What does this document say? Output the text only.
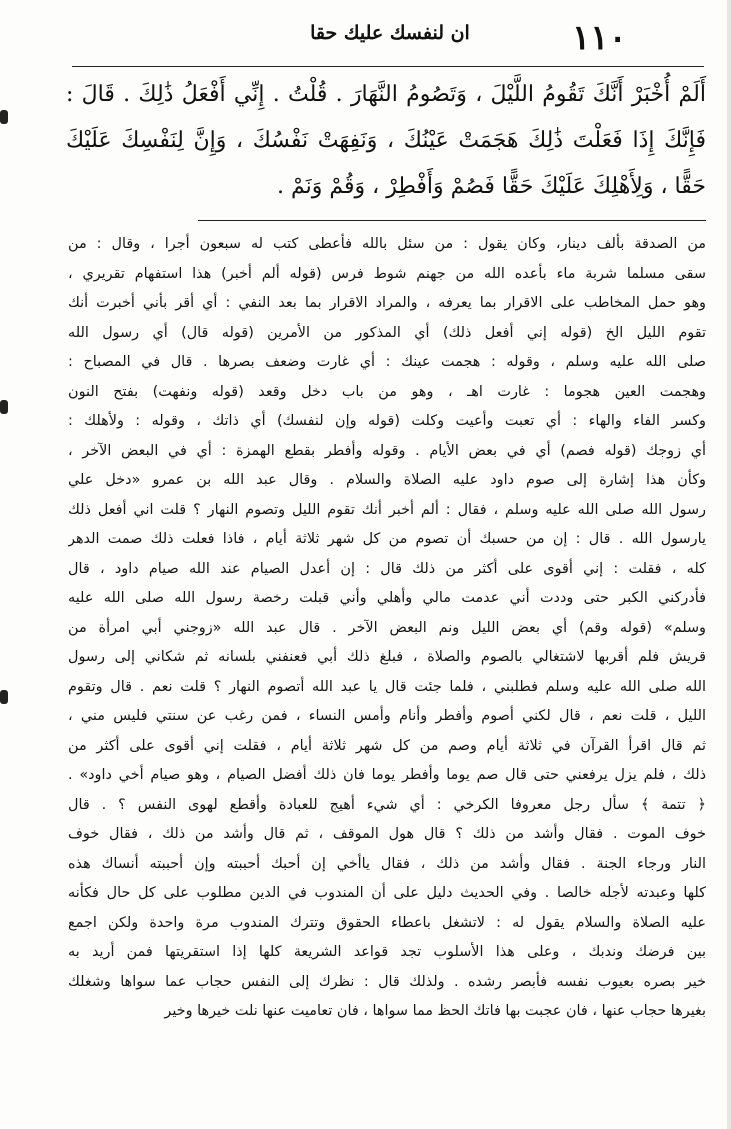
١١٠
ان لنفسك عليك حقا

أَلَمْ أُخْبَرْ أَنَّكَ تَقُومُ اللَّيْلَ ، وَتَصُومُ النَّهَارَ . قُلْتُ . إِنِّي أَفْعَلُ ذَٰلِكَ . قَالَ : فَإِنَّكَ إِذَا فَعَلْتَ ذَٰلِكَ هَجَمَتْ عَيْنُكَ ، وَنَفِهَتْ نَفْسُكَ ، وَإِنَّ لِنَفْسِكَ عَلَيْكَ حَقًّا ، وَلِأَهْلِكَ عَلَيْكَ حَقًّا فَصُمْ وَأَفْطِرْ ، وَقُمْ وَنَمْ .

من الصدقة بألف دينار، وكان يقول : من سئل بالله فأعطى كتب له سبعون أجرا ، وقال : من
سقى مسلما شربة ماء بأعده الله من جهنم شوط فرس (قوله ألم أخبر) هذا استفهام تقريري ،
وهو حمل المخاطب على الاقرار بما يعرفه ، والمراد الاقرار بما بعد النفي : أي أقر بأني أخبرت أنك
تقوم الليل الخ (قوله إني أفعل ذلك) أي المذكور من الأمرين (قوله قال) أي رسول الله
صلى الله عليه وسلم ، وقوله : هجمت عينك : أي غارت وضعف بصرها . قال في المصباح :
وهجمت العين هجوما : غارت اهـ ، وهو من باب دخل وقعد (قوله ونفهت) بفتح النون
وكسر الفاء والهاء : أي تعبت وأعيت وكلت (قوله وإن لنفسك) أي ذاتك ، وقوله : ولأهلك :
أي زوجك (قوله فصم) أي في بعض الأيام . وقوله وأفطر بقطع الهمزة : أي في البعض الآخر ،
وكأن هذا إشارة إلى صوم داود عليه الصلاة والسلام . وقال عبد الله بن عمرو «دخل علي
رسول الله صلى الله عليه وسلم ، فقال : ألم أخبر أنك تقوم الليل وتصوم النهار ؟ قلت اني أفعل ذلك
يارسول الله . قال : إن من حسبك أن تصوم من كل شهر ثلاثة أيام ، فاذا فعلت ذلك صمت الدهر
كله ، فقلت : إني أقوى على أكثر من ذلك قال : إن أعدل الصيام عند الله صيام داود ، قال
فأدركني الكبر حتى وددت أني عدمت مالي وأهلي وأني قبلت رخصة رسول الله صلى الله عليه
وسلم» (قوله وقم) أي بعض الليل ونم البعض الآخر . قال عبد الله «زوجني أبي امرأة من
قريش فلم أقربها لاشتغالي بالصوم والصلاة ، فبلغ ذلك أبي فعنفني بلسانه ثم شكاني إلى رسول
الله صلى الله عليه وسلم فطلبني ، فلما جئت قال يا عبد الله أتصوم النهار ؟ قلت نعم . قال وتقوم
الليل ، قلت نعم ، قال لكني أصوم وأفطر وأنام وأمس النساء ، فمن رغب عن سنتي فليس مني ،
ثم قال اقرأ القرآن في ثلاثة أيام وصم من كل شهر ثلاثة أيام ، فقلت إني أقوى على أكثر من
ذلك ، فلم يزل يرفعني حتى قال صم يوما وأفطر يوما فان ذلك أفضل الصيام ، وهو صيام أخي داود» .
﴿ تتمة ﴾ سأل رجل معروفا الكرخي : أي شيء أهيج للعبادة وأقطع لهوى النفس ؟ . قال
خوف الموت . فقال وأشد من ذلك ؟ قال هول الموقف ، ثم قال وأشد من ذلك ، فقال خوف
النار ورجاء الجنة . فقال وأشد من ذلك ، فقال ياأخي إن أحبك أحببته وإن أحببته أنساك هذه
كلها وعبدته لأجله خالصا . وفي الحديث دليل على أن المندوب في الدين مطلوب على كل حال فكأنه
عليه الصلاة والسلام يقول له : لاتشغل باعطاء الحقوق وتترك المندوب مرة واحدة ولكن اجمع
بين فرضك وندبك ، وعلى هذا الأسلوب تجد قواعد الشريعة كلها إذا استقريتها فمن أريد به
خير بصره بعيوب نفسه فأبصر رشده . ولذلك قال : نظرك إلى النفس حجاب عما سواها وشغلك
بغيرها حجاب عنها ، فان عجبت بها فاتك الحظ مما سواها ، فان تعاميت عنها نلت خيرها وخير
